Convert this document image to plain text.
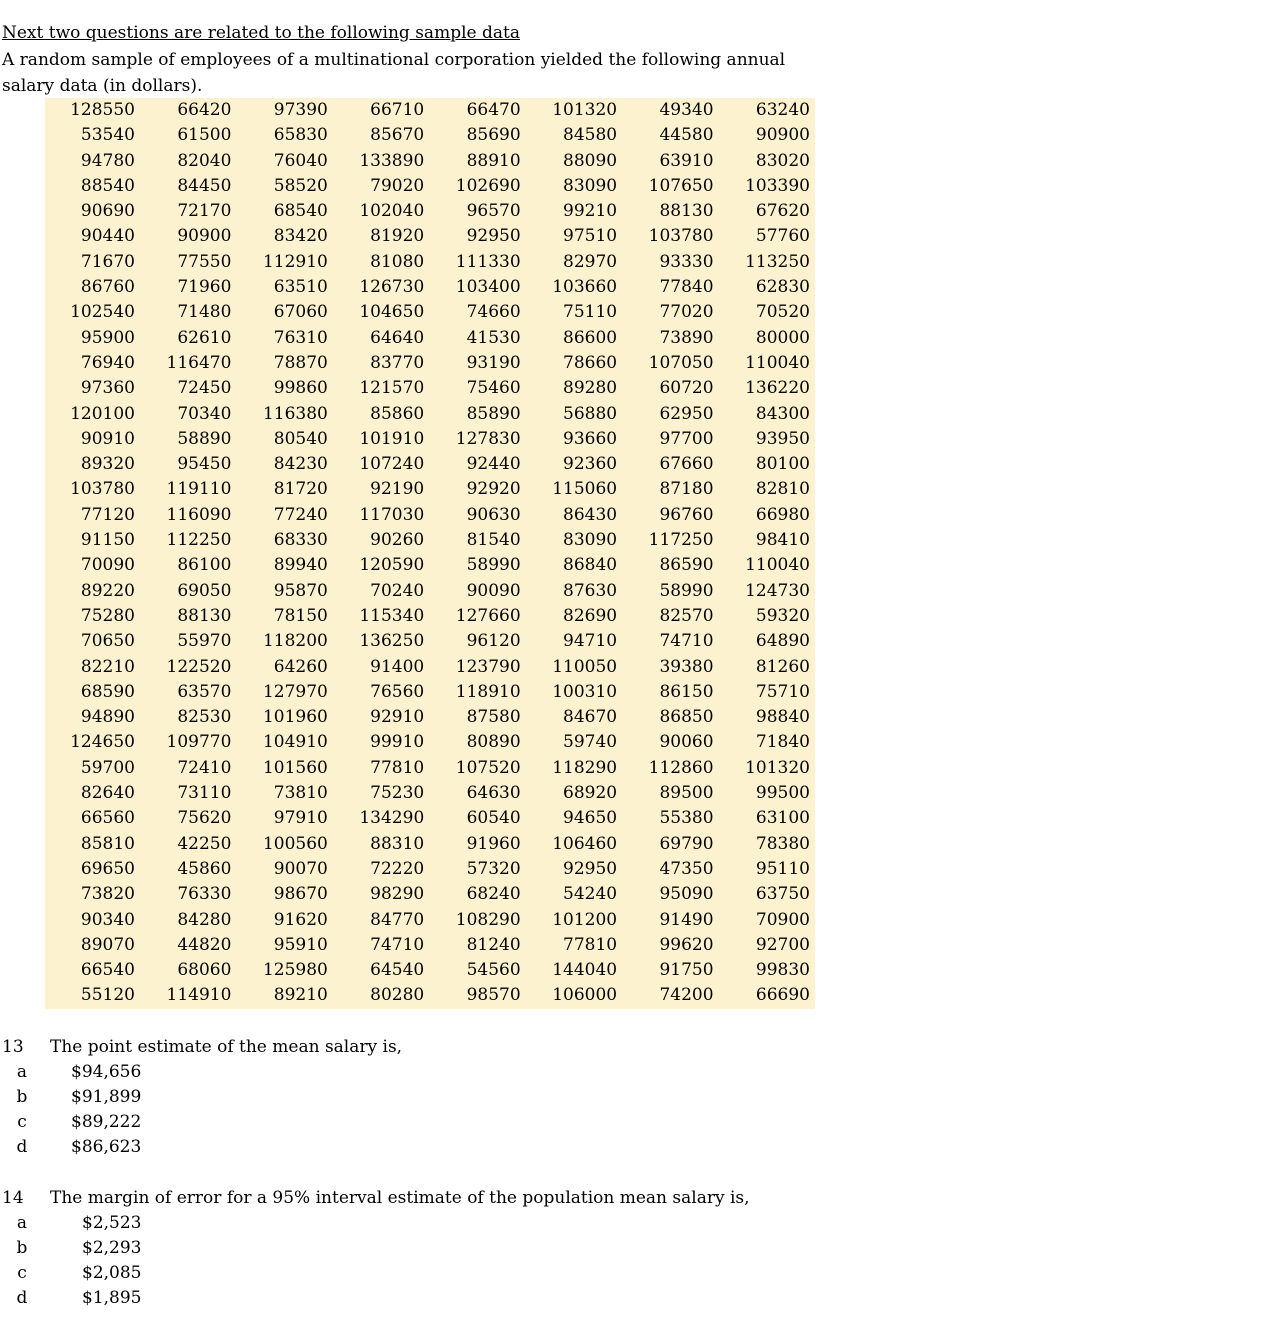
Next two questions are related to the following sample data
A random sample of employees of a multinational corporation yielded the following annual salary data (in dollars).
128550	66420	97390	66710	66470	101320	49340	63240
53540	61500	65830	85670	85690	84580	44580	90900
94780	82040	76040	133890	88910	88090	63910	83020
88540	84450	58520	79020	102690	83090	107650	103390
90690	72170	68540	102040	96570	99210	88130	67620
90440	90900	83420	81920	92950	97510	103780	57760
71670	77550	112910	81080	111330	82970	93330	113250
86760	71960	63510	126730	103400	103660	77840	62830
102540	71480	67060	104650	74660	75110	77020	70520
95900	62610	76310	64640	41530	86600	73890	80000
76940	116470	78870	83770	93190	78660	107050	110040
97360	72450	99860	121570	75460	89280	60720	136220
120100	70340	116380	85860	85890	56880	62950	84300
90910	58890	80540	101910	127830	93660	97700	93950
89320	95450	84230	107240	92440	92360	67660	80100
103780	119110	81720	92190	92920	115060	87180	82810
77120	116090	77240	117030	90630	86430	96760	66980
91150	112250	68330	90260	81540	83090	117250	98410
70090	86100	89940	120590	58990	86840	86590	110040
89220	69050	95870	70240	90090	87630	58990	124730
75280	88130	78150	115340	127660	82690	82570	59320
70650	55970	118200	136250	96120	94710	74710	64890
82210	122520	64260	91400	123790	110050	39380	81260
68590	63570	127970	76560	118910	100310	86150	75710
94890	82530	101960	92910	87580	84670	86850	98840
124650	109770	104910	99910	80890	59740	90060	71840
59700	72410	101560	77810	107520	118290	112860	101320
82640	73110	73810	75230	64630	68920	89500	99500
66560	75620	97910	134290	60540	94650	55380	63100
85810	42250	100560	88310	91960	106460	69790	78380
69650	45860	90070	72220	57320	92950	47350	95110
73820	76330	98670	98290	68240	54240	95090	63750
90340	84280	91620	84770	108290	101200	91490	70900
89070	44820	95910	74710	81240	77810	99620	92700
66540	68060	125980	64540	54560	144040	91750	99830
55120	114910	89210	80280	98570	106000	74200	66690
13 The point estimate of the mean salary is,
a	$94,656
b	$91,899
c	$89,222
d	$86,623
14 The margin of error for a 95% interval estimate of the population mean salary is,
a	$2,523
b	$2,293
c	$2,085
d	$1,895
